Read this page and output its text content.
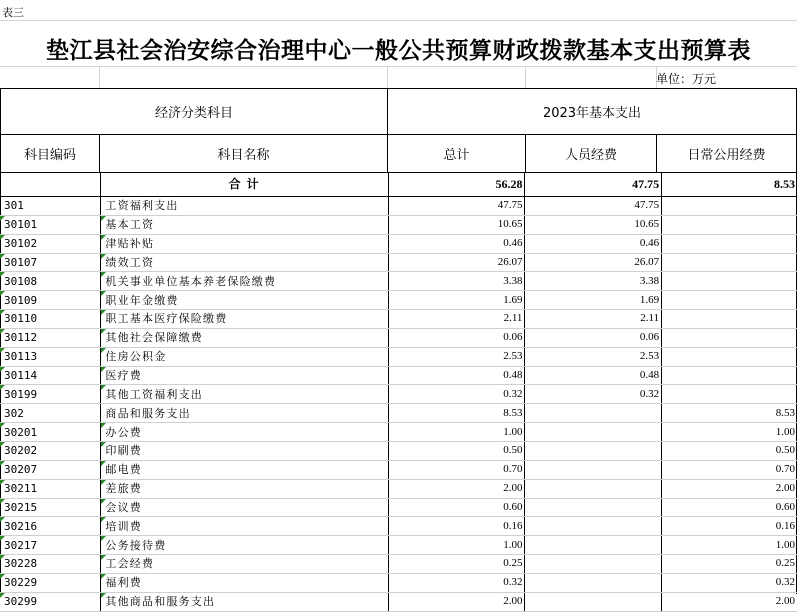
表三
垫江县社会治安综合治理中心一般公共预算财政拨款基本支出预算表
单位：万元
经济分类科目	2023年基本支出
科目编码	科目名称	总计	人员经费	日常公用经费
	合计	56.28	47.75	8.53
301	工资福利支出	47.75	47.75	
30101	基本工资	10.65	10.65	
30102	津贴补贴	0.46	0.46	
30107	绩效工资	26.07	26.07	
30108	机关事业单位基本养老保险缴费	3.38	3.38	
30109	职业年金缴费	1.69	1.69	
30110	职工基本医疗保险缴费	2.11	2.11	
30112	其他社会保障缴费	0.06	0.06	
30113	住房公积金	2.53	2.53	
30114	医疗费	0.48	0.48	
30199	其他工资福利支出	0.32	0.32	
302	商品和服务支出	8.53		8.53
30201	办公费	1.00		1.00
30202	印刷费	0.50		0.50
30207	邮电费	0.70		0.70
30211	差旅费	2.00		2.00
30215	会议费	0.60		0.60
30216	培训费	0.16		0.16
30217	公务接待费	1.00		1.00
30228	工会经费	0.25		0.25
30229	福利费	0.32		0.32
30299	其他商品和服务支出	2.00		2.00
